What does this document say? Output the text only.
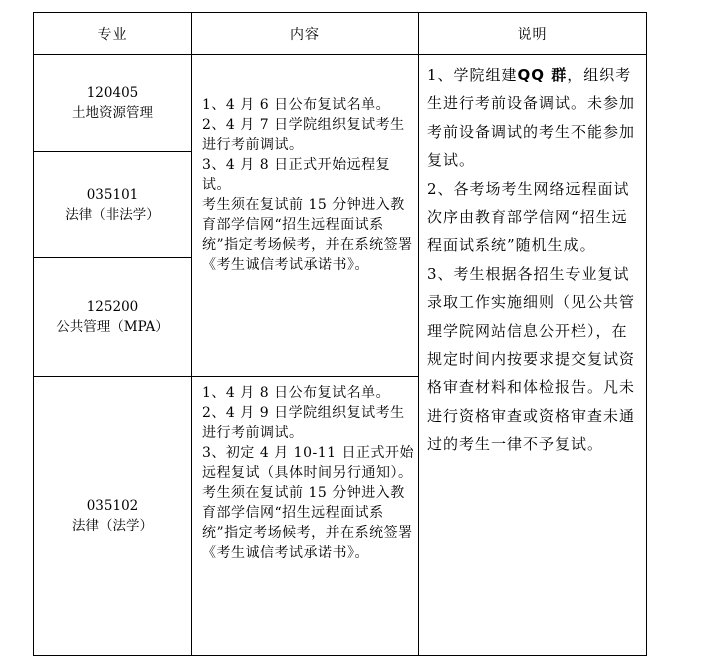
专业	内容	说明
120405
土地资源管理
035101
法律（非法学）
125200
公共管理（MPA）
035102
法律（法学）

1、4 月 6 日公布复试名单。

2、4 月 7 日学院组织复试考生进行考前调试。

3、4 月 8 日正式开始远程复试。

考生须在复试前 15 分钟进入教育部学信网“招生远程面试系统”指定考场候考，并在系统签署《考生诚信考试承诺书》。

1、4 月 8 日公布复试名单。

2、4 月 9 日学院组织复试考生进行考前调试。

3、初定 4 月 10-11 日正式开始远程复试（具体时间另行通知）。

考生须在复试前 15 分钟进入教育部学信网“招生远程面试系统”指定考场候考，并在系统签署《考生诚信考试承诺书》。

1、学院组建QQ 群，组织考生进行考前设备调试。未参加考前设备调试的考生不能参加复试。

2、各考场考生网络远程面试次序由教育部学信网“招生远程面试系统”随机生成。

3、考生根据各招生专业复试录取工作实施细则（见公共管理学院网站信息公开栏），在规定时间内按要求提交复试资格审查材料和体检报告。凡未进行资格审查或资格审查未通过的考生一律不予复试。
